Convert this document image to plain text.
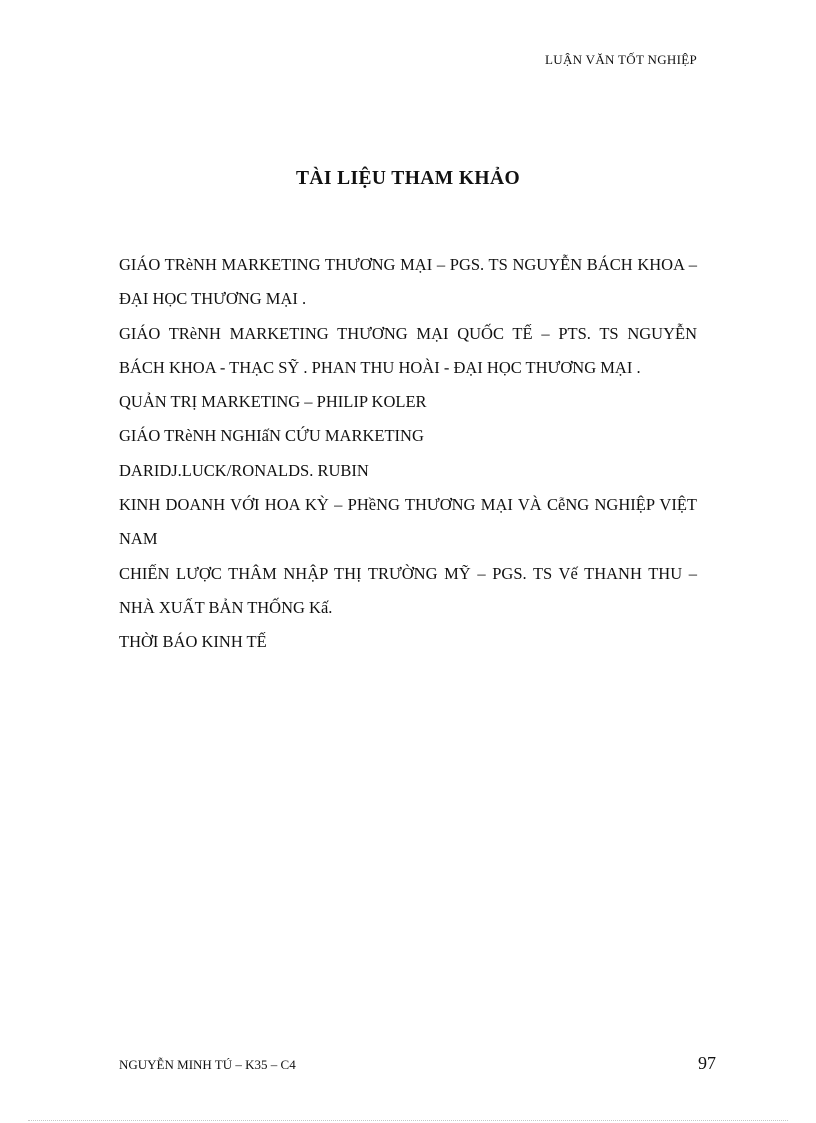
LUẬN VĂN TỐT NGHIỆP
TÀI LIỆU THAM KHẢO
GIÁO TRèNH MARKETING THƯƠNG MẠI – PGS. TS NGUYỄN BÁCH KHOA – ĐẠI HỌC THƯƠNG MẠI .
GIÁO TRèNH MARKETING THƯƠNG MẠI QUỐC TẾ – PTS. TS NGUYỄN BÁCH KHOA - THẠC SỸ . PHAN THU HOÀI - ĐẠI HỌC THƯƠNG MẠI .
QUẢN TRỊ MARKETING – PHILIP KOLER
GIÁO TRèNH NGHIấN CỨU MARKETING
DARIDJ.LUCK/RONALDS. RUBIN
KINH DOANH VỚI HOA KỲ – PHềNG THƯƠNG MẠI VÀ CễNG NGHIỆP VIỆT NAM
CHIẾN LƯỢC THÂM NHẬP THỊ TRƯỜNG MỸ – PGS. TS Vế THANH THU – NHÀ XUẤT BẢN THỐNG Kấ.
THỜI BÁO KINH TẾ
NGUYỄN MINH TÚ – K35 – C4	97
